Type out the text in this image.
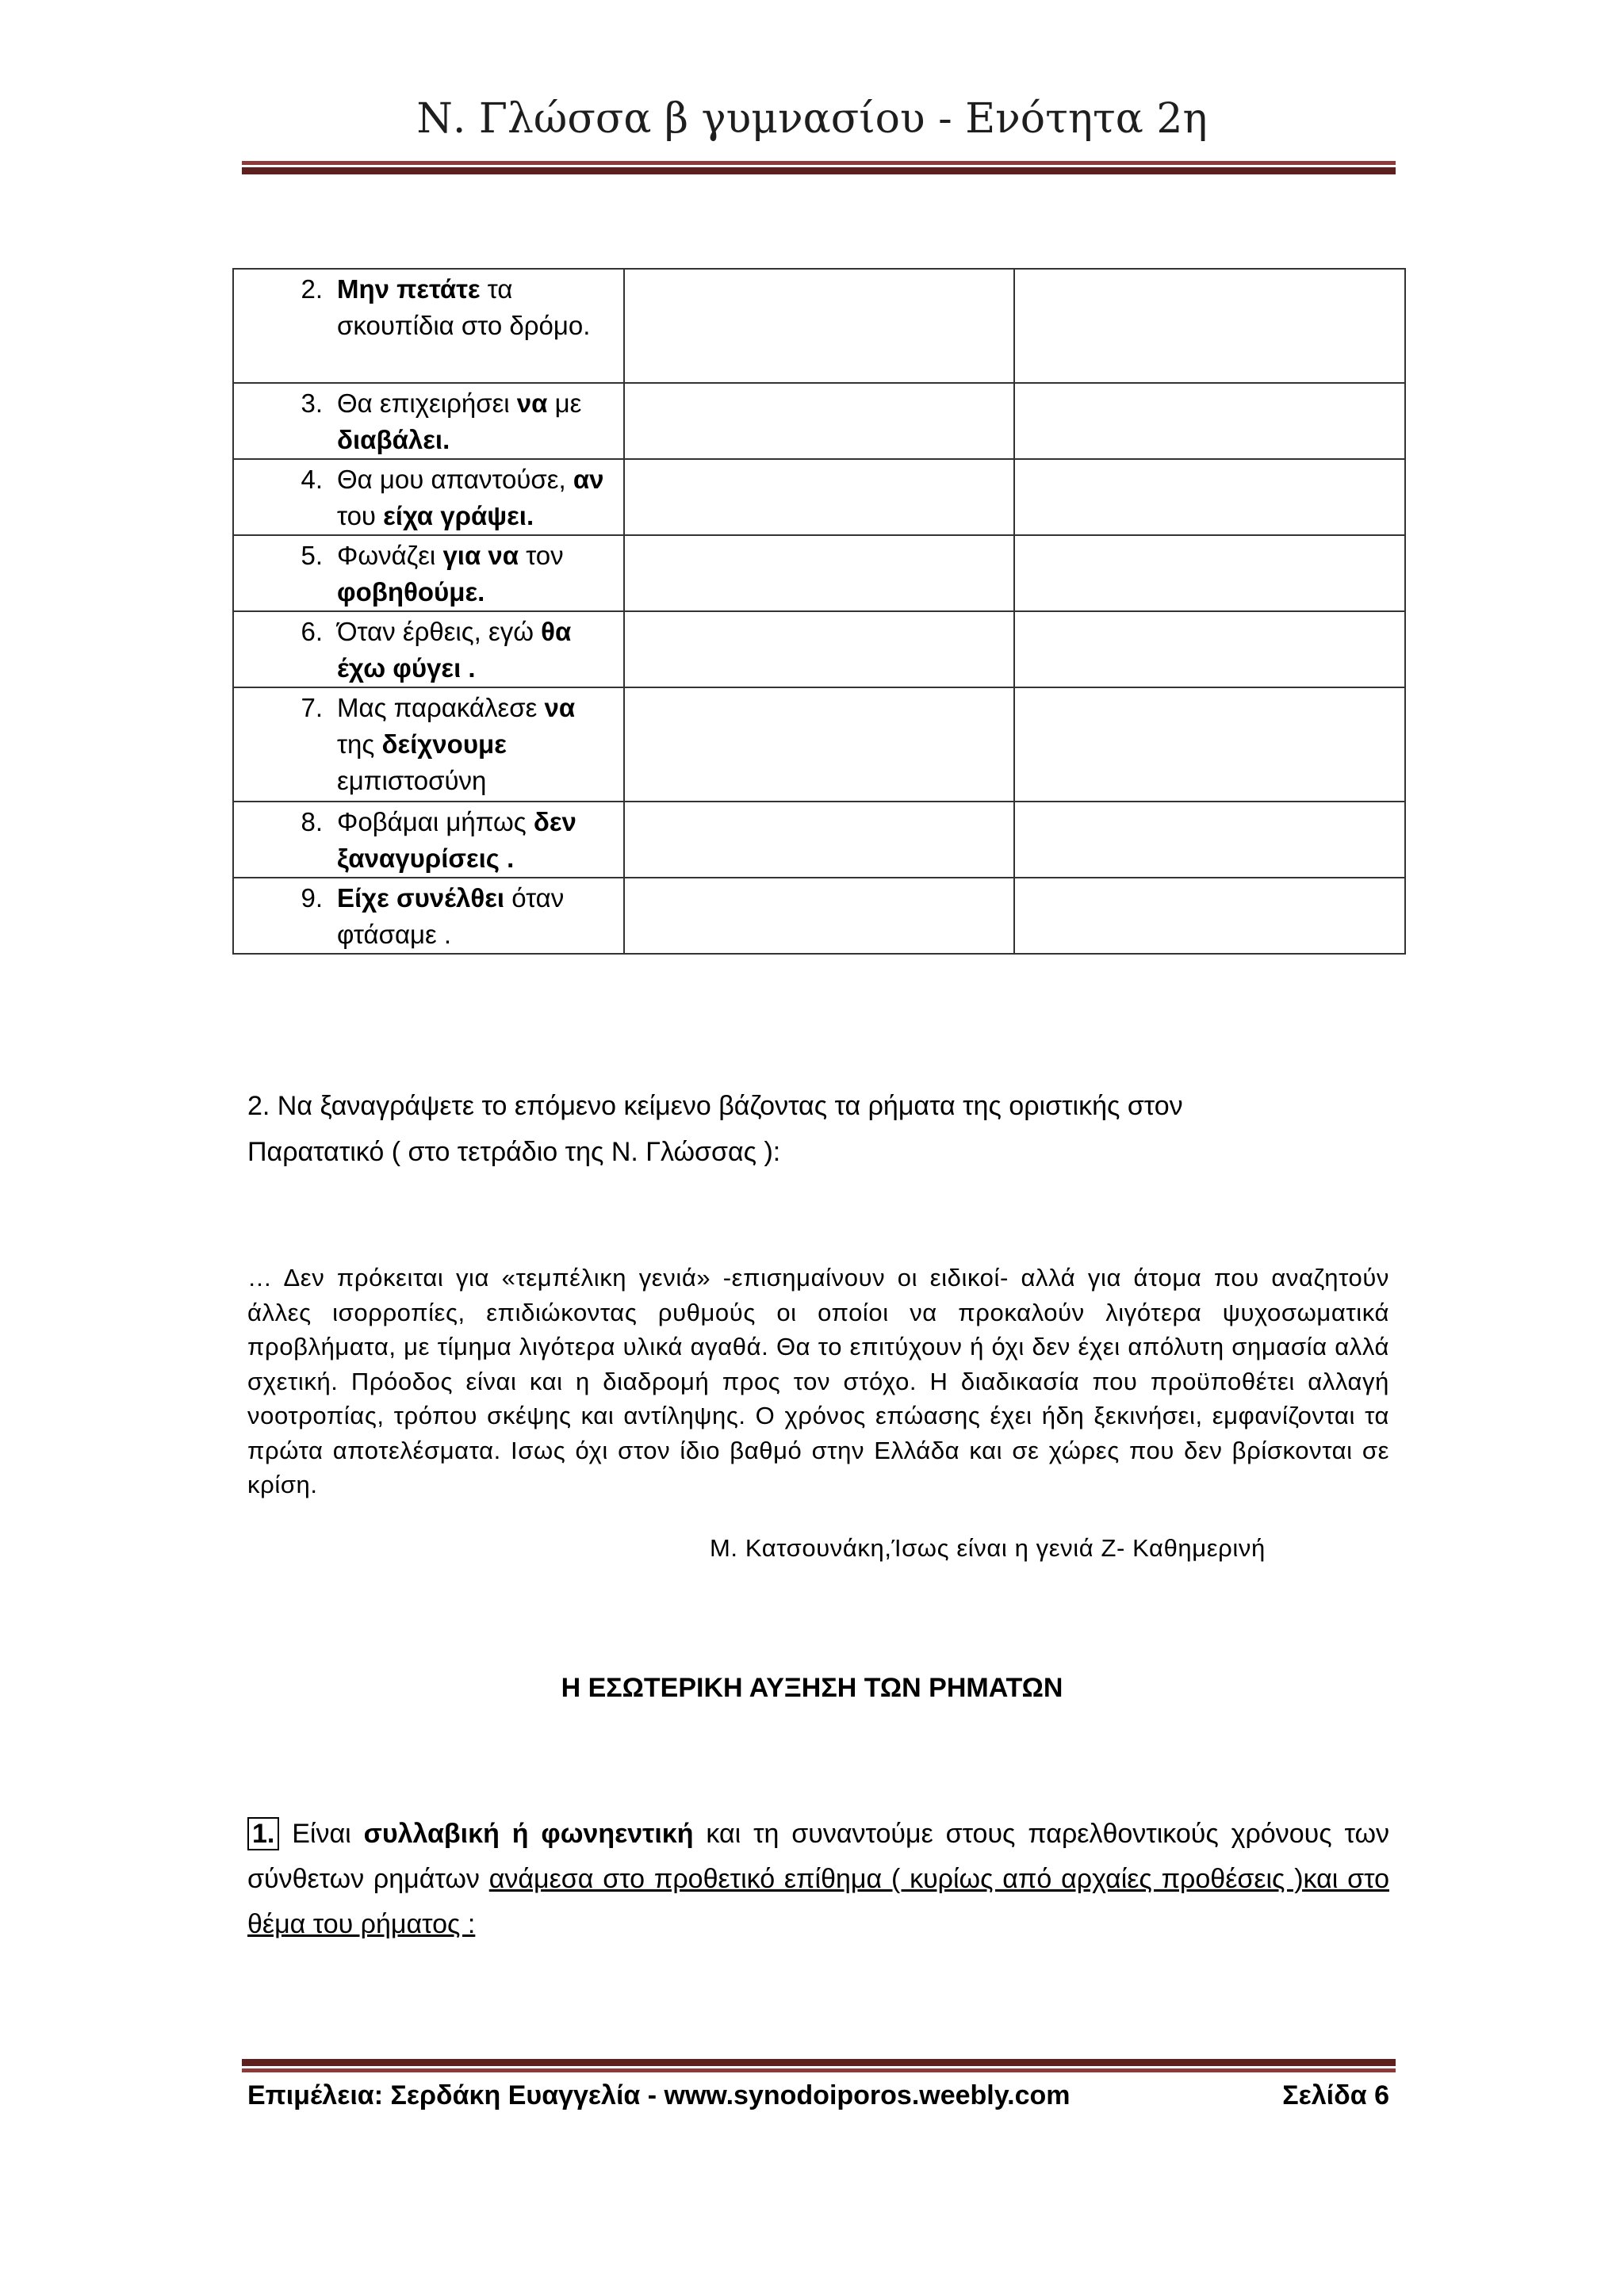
Ν. Γλώσσα β γυμνασίου - Ενότητα 2η
2. Μην πετάτε τα σκουπίδια στο δρόμο.		

3. Θα επιχειρήσει να με διαβάλει.		

4. Θα μου απαντούσε, αν του είχα γράψει.		

5. Φωνάζει για να τον φοβηθούμε.		

6. Όταν έρθεις, εγώ θα έχω φύγει .		

7. Μας παρακάλεσε να της δείχνουμε εμπιστοσύνη		

8. Φοβάμαι μήπως δεν ξαναγυρίσεις .		

9. Είχε συνέλθει όταν φτάσαμε .		

2. Να ξαναγράψετε το επόμενο κείμενο βάζοντας τα ρήματα της οριστικής στον
Παρατατικό ( στο τετράδιο της Ν. Γλώσσας ):

… Δεν πρόκειται για «τεμπέλικη γενιά» -επισημαίνουν οι ειδικοί- αλλά για άτομα που αναζητούν άλλες ισορροπίες, επιδιώκοντας ρυθμούς οι οποίοι να προκαλούν λιγότερα ψυχοσωματικά προβλήματα, με τίμημα λιγότερα υλικά αγαθά. Θα το επιτύχουν ή όχι δεν έχει απόλυτη σημασία αλλά σχετική. Πρόοδος είναι και η διαδρομή προς τον στόχο. Η διαδικασία που προϋποθέτει αλλαγή νοοτροπίας, τρόπου σκέψης και αντίληψης. Ο χρόνος επώασης έχει ήδη ξεκινήσει, εμφανίζονται τα πρώτα αποτελέσματα. Ισως όχι στον ίδιο βαθμό στην Ελλάδα και σε χώρες που δεν βρίσκονται σε κρίση.

Μ. Κατσουνάκη,Ίσως είναι η γενιά Ζ- Καθημερινή
Η ΕΣΩΤΕΡΙΚΗ ΑΥΞΗΣΗ ΤΩΝ ΡΗΜΑΤΩΝ
1. Είναι συλλαβική ή φωνηεντική και τη συναντούμε στους παρελθοντικούς χρόνους των σύνθετων ρημάτων ανάμεσα στο προθετικό επίθημα ( κυρίως από αρχαίες προθέσεις )και στο θέμα του ρήματος :
Επιμέλεια: Σερδάκη Ευαγγελία - www.synodoiporos.weebly.com	Σελίδα 6
